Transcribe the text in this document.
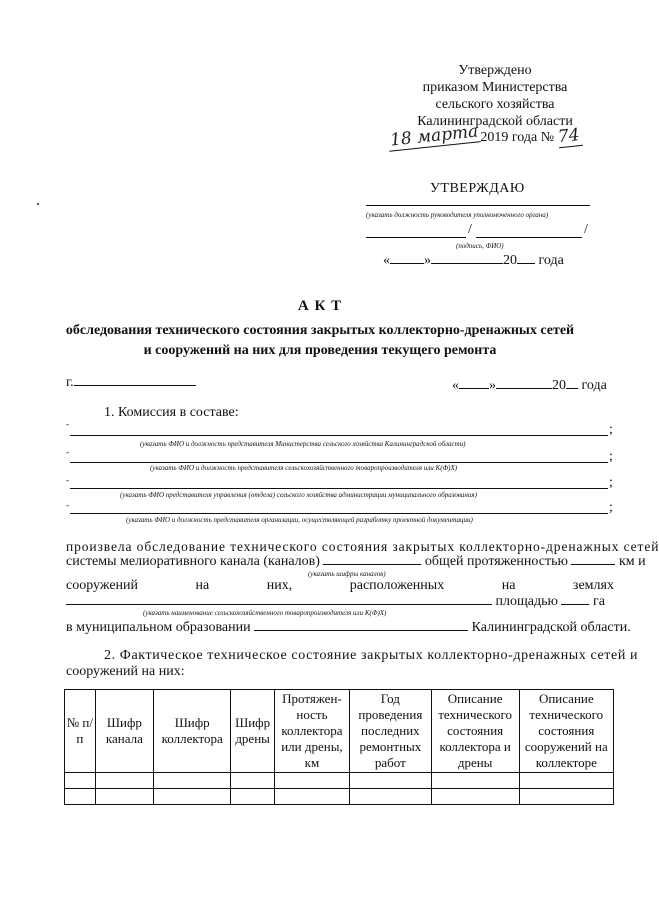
Утверждено
приказом Министерства
сельского хозяйства
Калининградской области
18 марта2019 года № 74
УТВЕРЖДАЮ
(указать должность руководителя уполномоченного органа)
/	/
(подпись, ФИО)
« »	20 года
А К Т
обследования технического состояния закрытых коллекторно-дренажных сетей
и сооружений на них для проведения текущего ремонта
г.	« »	20 года
1. Комиссия в составе:
-	;
(указать ФИО и должность представителя Министерства сельского хозяйства Калининградской области)
-	;
(указать ФИО и должность представителя сельскохозяйственного товаропроизводителя или К(Ф)Х)
-	;
(указать ФИО представителя управления (отдела) сельского хозяйства администрации муниципального образования)
-	;
(указать ФИО и должность представителя организации, осуществляющей разработку проектной документации)
произвела обследование технического состояния закрытых коллекторно-дренажных сетей
системы мелиоративного канала (каналов)	общей протяженностью	км и
(указать шифры каналов)
сооружений	на	них,	расположенных	на	землях
площадью	га
(указать наименование сельскохозяйственного товаропроизводителя или К(Ф)Х)
в муниципальном образовании	Калининградской области.
2. Фактическое техническое состояние закрытых коллекторно-дренажных сетей и
сооружений на них:
№ п/п	Шифр канала	Шифр коллектора	Шифр дрены	Протяжен-ность коллектора или дрены, км	Год проведения последних ремонтных работ	Описание технического состояния коллектора и дрены	Описание технического состояния сооружений на коллекторе
